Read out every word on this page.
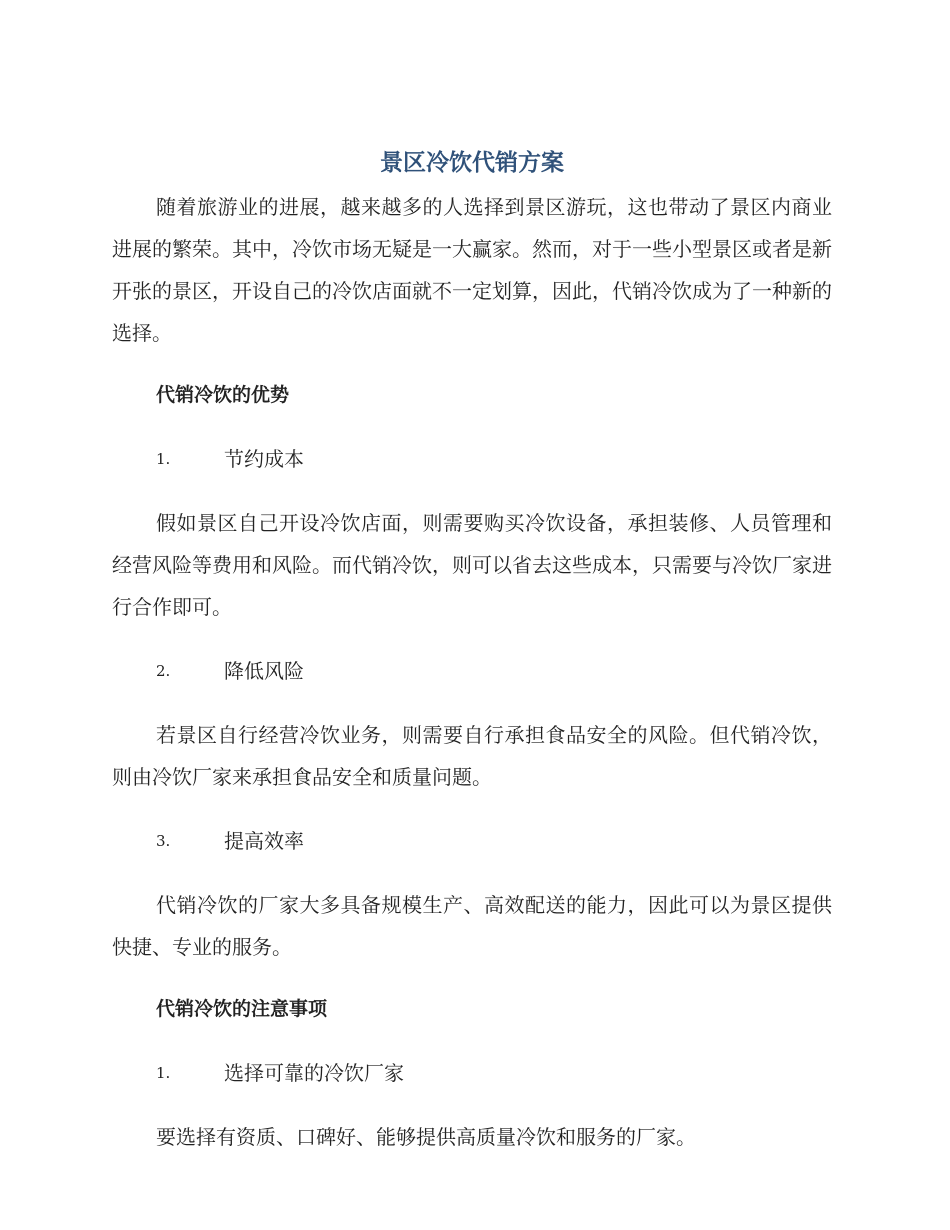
景区冷饮代销方案

随着旅游业的进展，越来越多的人选择到景区游玩，这也带动了景区内商业进展的繁荣。其中，冷饮市场无疑是一大赢家。然而，对于一些小型景区或者是新开张的景区，开设自己的冷饮店面就不一定划算，因此，代销冷饮成为了一种新的选择。

代销冷饮的优势
1.	节约成本

假如景区自己开设冷饮店面，则需要购买冷饮设备，承担装修、人员管理和经营风险等费用和风险。而代销冷饮，则可以省去这些成本，只需要与冷饮厂家进行合作即可。

2.	降低风险

若景区自行经营冷饮业务，则需要自行承担食品安全的风险。但代销冷饮，则由冷饮厂家来承担食品安全和质量问题。

3.	提高效率

代销冷饮的厂家大多具备规模生产、高效配送的能力，因此可以为景区提供快捷、专业的服务。

代销冷饮的注意事项
1.	选择可靠的冷饮厂家

要选择有资质、口碑好、能够提供高质量冷饮和服务的厂家。
